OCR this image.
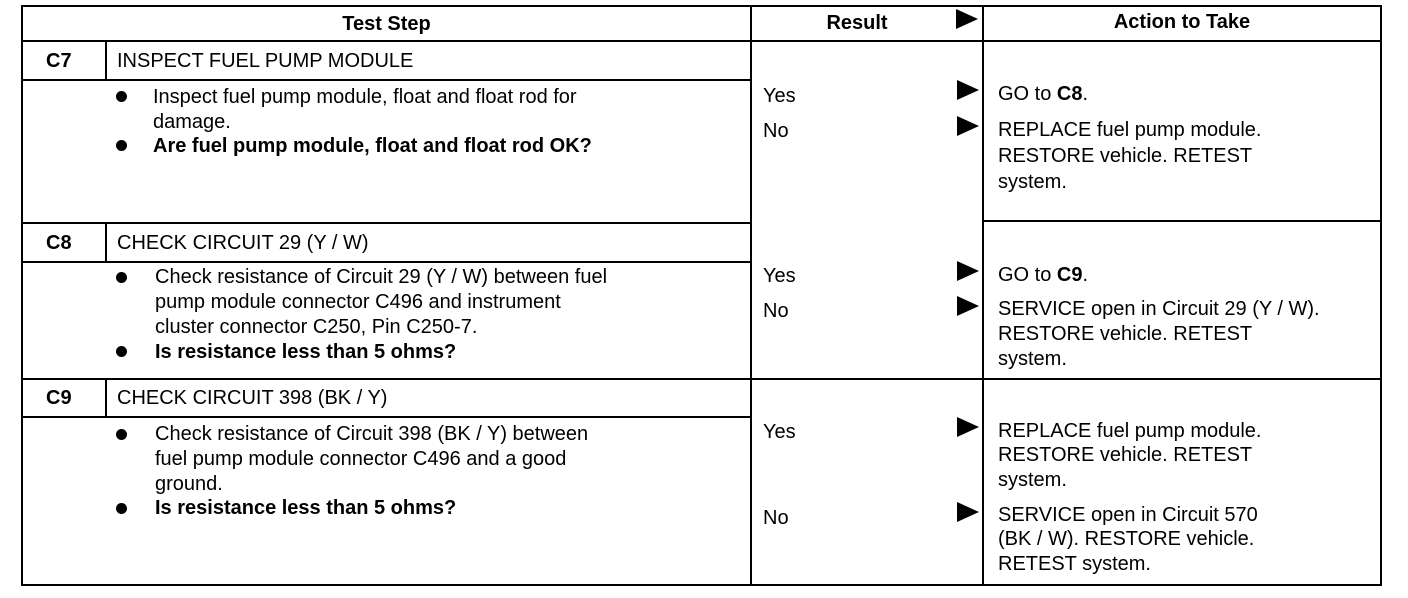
Test Step	Result	Action to Take
C7 INSPECT FUEL PUMP MODULE
Inspect fuel pump module, float and float rod for
damage.
Are fuel pump module, float and float rod OK?
Yes
No
GO to C8.
REPLACE fuel pump module.
RESTORE vehicle. RETEST
system.
C8 CHECK CIRCUIT 29 (Y / W)
Check resistance of Circuit 29 (Y / W) between fuel
pump module connector C496 and instrument
cluster connector C250, Pin C250-7.
Is resistance less than 5 ohms?
Yes
No
GO to C9.
SERVICE open in Circuit 29 (Y / W).
RESTORE vehicle. RETEST
system.
C9 CHECK CIRCUIT 398 (BK / Y)
Check resistance of Circuit 398 (BK / Y) between
fuel pump module connector C496 and a good
ground.
Is resistance less than 5 ohms?
Yes
No
REPLACE fuel pump module.
RESTORE vehicle. RETEST
system.
SERVICE open in Circuit 570
(BK / W). RESTORE vehicle.
RETEST system.
